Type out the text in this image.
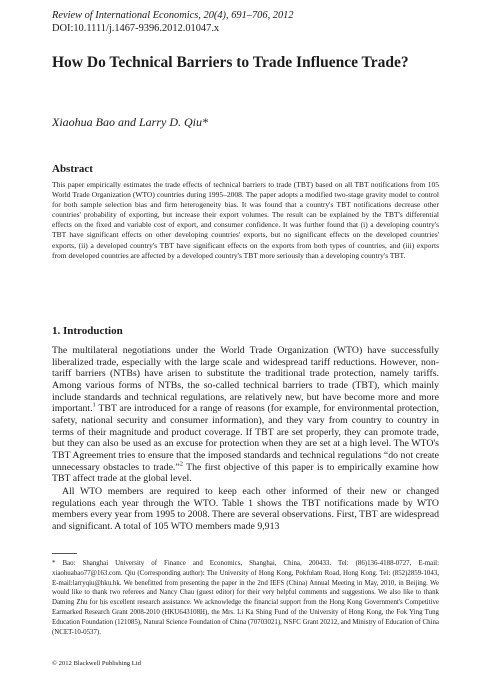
Review of International Economics, 20(4), 691–706, 2012
DOI:10.1111/j.1467-9396.2012.01047.x
How Do Technical Barriers to Trade Influence Trade?
Xiaohua Bao and Larry D. Qiu*
Abstract

This paper empirically estimates the trade effects of technical barriers to trade (TBT) based on all TBT notifications from 105 World Trade Organization (WTO) countries during 1995–2008. The paper adopts a modified two-stage gravity model to control for both sample selection bias and firm heterogeneity bias. It was found that a country's TBT notifications decrease other countries' probability of exporting, but increase their export volumes. The result can be explained by the TBT's differential effects on the fixed and variable cost of export, and consumer confidence. It was further found that (i) a developing country's TBT have significant effects on other developing countries' exports, but no significant effects on the developed countries' exports, (ii) a developed country's TBT have significant effects on the exports from both types of countries, and (iii) exports from developed countries are affected by a developed country's TBT more seriously than a developing country's TBT.

1. Introduction

The multilateral negotiations under the World Trade Organization (WTO) have successfully liberalized trade, especially with the large scale and widespread tariff reductions. However, non-tariff barriers (NTBs) have arisen to substitute the traditional trade protection, namely tariffs. Among various forms of NTBs, the so-called technical barriers to trade (TBT), which mainly include standards and technical regulations, are relatively new, but have become more and more important.$^1$ TBT are introduced for a range of reasons (for example, for environmental protection, safety, national security and consumer information), and they vary from country to country in terms of their magnitude and product coverage. If TBT are set properly, they can promote trade, but they can also be used as an excuse for protection when they are set at a high level. The WTO's TBT Agreement tries to ensure that the imposed standards and technical regulations “do not create unnecessary obstacles to trade.”$^2$ The first objective of this paper is to empirically examine how TBT affect trade at the global level.

All WTO members are required to keep each other informed of their new or changed regulations each year through the WTO. Table 1 shows the TBT notifications made by WTO members every year from 1995 to 2008. There are several observations. First, TBT are widespread and significant. A total of 105 WTO members made 9,913

* Bao: Shanghai University of Finance and Economics, Shanghai, China, 200433. Tel: (86)136-4188-0727, E-mail: xiaohuabao77@163.com. Qiu (Corresponding author): The University of Hong Kong, Pokfulam Road, Hong Kong. Tel: (852)2859-1043, E-mail:larryqiu@hku.hk. We benefitted from presenting the paper in the 2nd IEFS (China) Annual Meeting in May, 2010, in Beijing. We would like to thank two referees and Nancy Chau (guest editor) for their very helpful comments and suggestions. We also like to thank Daming Zhu for his excellent research assistance. We acknowledge the financial support from the Hong Kong Government's Competitive Earmarked Research Grant 2008-2010 (HKU643108H), the Mrs. Li Ka Shing Fund of the University of Hong Kong, the Fok Ying Tung Education Foundation (121085), Natural Science Foundation of China (70703021), NSFC Grant 20212, and Ministry of Education of China (NCET-10-0537).

© 2012 Blackwell Publishing Ltd
